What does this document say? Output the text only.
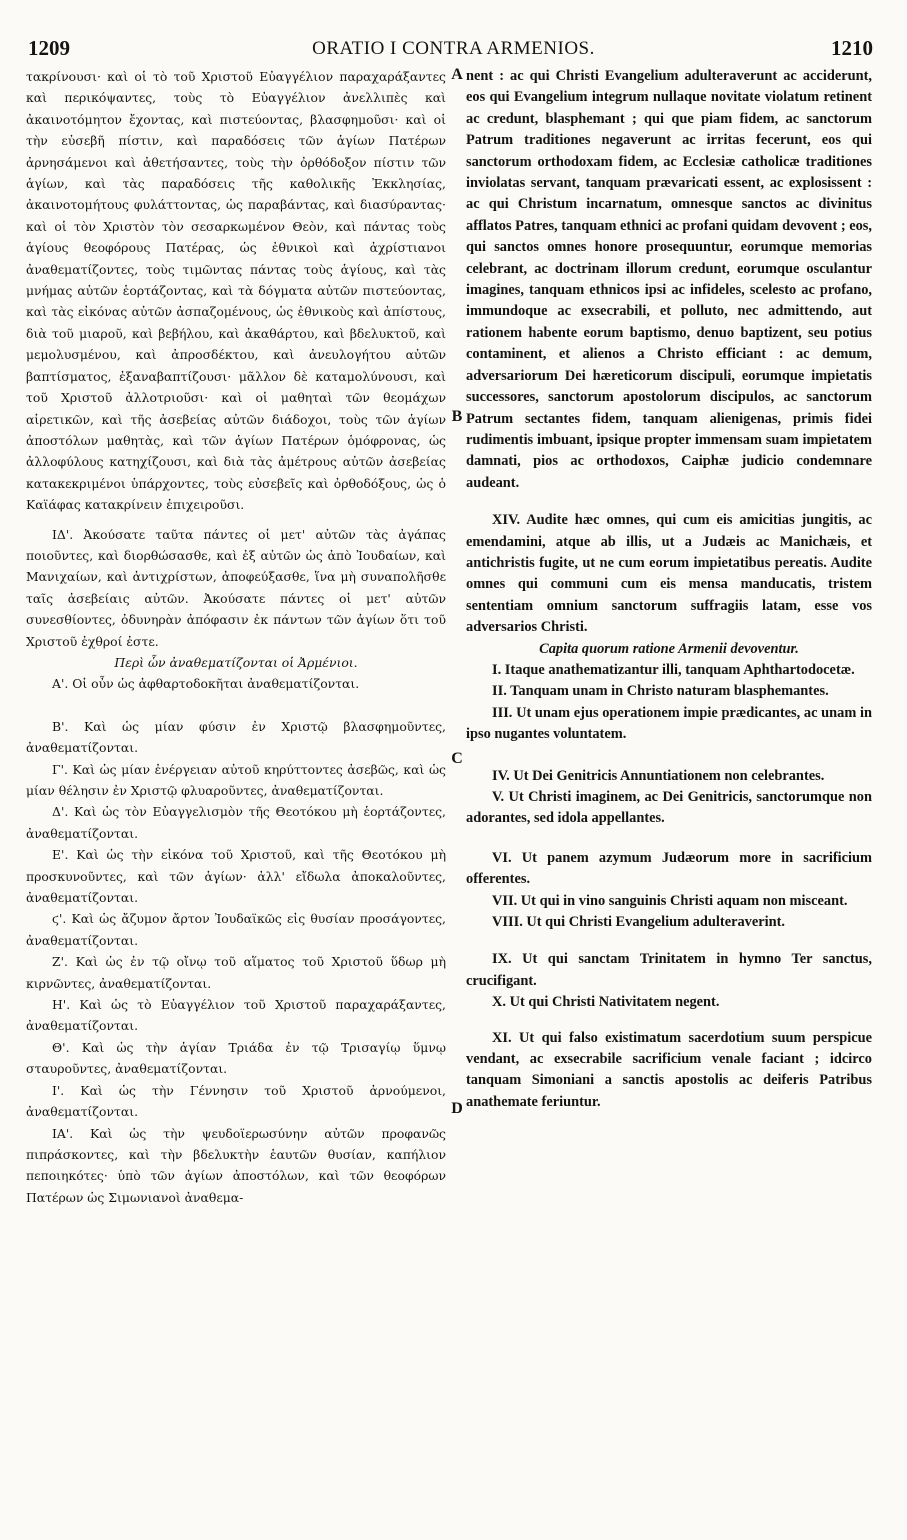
1209	ORATIO I CONTRA ARMENIOS.	1210
A
B
C
D

τακρίνουσι· καὶ οἱ τὸ τοῦ Χριστοῦ Εὐαγγέλιον παραχαράξαντες καὶ περικόψαντες, τοὺς τὸ Εὐαγγέλιον ἀνελλιπὲς καὶ ἀκαινοτόμητον ἔχοντας, καὶ πιστεύοντας, βλασφημοῦσι· καὶ οἱ τὴν εὐσεβῆ πίστιν, καὶ παραδόσεις τῶν ἁγίων Πατέρων ἀρνησάμενοι καὶ ἀθετήσαντες, τοὺς τὴν ὀρθόδοξον πίστιν τῶν ἁγίων, καὶ τὰς παραδόσεις τῆς καθολικῆς Ἐκκλησίας, ἀκαινοτομήτους φυλάττοντας, ὡς παραβάντας, καὶ διασύραντας· καὶ οἱ τὸν Χριστὸν τὸν σεσαρκωμένον Θεὸν, καὶ πάντας τοὺς ἁγίους θεοφόρους Πατέρας, ὡς ἐθνικοὶ καὶ ἀχρίστιανοι ἀναθεματίζοντες, τοὺς τιμῶντας πάντας τοὺς ἁγίους, καὶ τὰς μνήμας αὐτῶν ἑορτάζοντας, καὶ τὰ δόγματα αὐτῶν πιστεύοντας, καὶ τὰς εἰκόνας αὐτῶν ἀσπαζομένους, ὡς ἐθνικοὺς καὶ ἀπίστους, διὰ τοῦ μιαροῦ, καὶ βεβήλου, καὶ ἀκαθάρτου, καὶ βδελυκτοῦ, καὶ μεμολυσμένου, καὶ ἀπροσδέκτου, καὶ ἀνευλογήτου αὐτῶν βαπτίσματος, ἐξαναβαπτίζουσι· μᾶλλον δὲ καταμολύνουσι, καὶ τοῦ Χριστοῦ ἀλλοτριοῦσι· καὶ οἱ μαθηταὶ τῶν θεομάχων αἱρετικῶν, καὶ τῆς ἀσεβείας αὐτῶν διάδοχοι, τοὺς τῶν ἁγίων ἀποστόλων μαθητὰς, καὶ τῶν ἁγίων Πατέρων ὁμόφρονας, ὡς ἀλλοφύλους κατηχίζουσι, καὶ διὰ τὰς ἀμέτρους αὐτῶν ἀσεβείας κατακεκριμένοι ὑπάρχοντες, τοὺς εὐσεβεῖς καὶ ὀρθοδόξους, ὡς ὁ Καϊάφας κατακρίνειν ἐπιχειροῦσι.

ΙΔ'. Ἀκούσατε ταῦτα πάντες οἱ μετ' αὐτῶν τὰς ἀγάπας ποιοῦντες, καὶ διορθώσασθε, καὶ ἐξ αὐτῶν ὡς ἀπὸ Ἰουδαίων, καὶ Μανιχαίων, καὶ ἀντιχρίστων, ἀποφεύξασθε, ἵνα μὴ συναπολῆσθε ταῖς ἀσεβείαις αὐτῶν. Ἀκούσατε πάντες οἱ μετ' αὐτῶν συνεσθίοντες, ὀδυνηρὰν ἀπόφασιν ἐκ πάντων τῶν ἁγίων ὅτι τοῦ Χριστοῦ ἐχθροί ἐστε.

Περὶ ὧν ἀναθεματίζονται οἱ Ἀρμένιοι.

Α'. Οἱ οὖν ὡς ἀφθαρτοδοκῆται ἀναθεματίζονται.

Β'. Καὶ ὡς μίαν φύσιν ἐν Χριστῷ βλασφημοῦντες, ἀναθεματίζονται.

Γ'. Καὶ ὡς μίαν ἐνέργειαν αὐτοῦ κηρύττοντες ἀσεβῶς, καὶ ὡς μίαν θέλησιν ἐν Χριστῷ φλυαροῦντες, ἀναθεματίζονται.

Δ'. Καὶ ὡς τὸν Εὐαγγελισμὸν τῆς Θεοτόκου μὴ ἑορτάζοντες, ἀναθεματίζονται.

Ε'. Καὶ ὡς τὴν εἰκόνα τοῦ Χριστοῦ, καὶ τῆς Θεοτόκου μὴ προσκυνοῦντες, καὶ τῶν ἁγίων· ἀλλ' εἴδωλα ἀποκαλοῦντες, ἀναθεματίζονται.

ϛ'. Καὶ ὡς ἄζυμον ἄρτον Ἰουδαϊκῶς εἰς θυσίαν προσάγοντες, ἀναθεματίζονται.

Ζ'. Καὶ ὡς ἐν τῷ οἴνῳ τοῦ αἵματος τοῦ Χριστοῦ ὕδωρ μὴ κιρνῶντες, ἀναθεματίζονται.

Η'. Καὶ ὡς τὸ Εὐαγγέλιον τοῦ Χριστοῦ παραχαράξαντες, ἀναθεματίζονται.

Θ'. Καὶ ὡς τὴν ἁγίαν Τριάδα ἐν τῷ Τρισαγίῳ ὕμνῳ σταυροῦντες, ἀναθεματίζονται.

Ι'. Καὶ ὡς τὴν Γέννησιν τοῦ Χριστοῦ ἀρνούμενοι, ἀναθεματίζονται.

ΙΑ'. Καὶ ὡς τὴν ψευδοϊερωσύνην αὐτῶν προφανῶς πιπράσκοντες, καὶ τὴν βδελυκτὴν ἑαυτῶν θυσίαν, καπήλιον πεποιηκότες· ὑπὸ τῶν ἁγίων ἀποστόλων, καὶ τῶν θεοφόρων Πατέρων ὡς Σιμωνιανοὶ ἀναθεμα-

nent : ac qui Christi Evangelium adulteraverunt ac acciderunt, eos qui Evangelium integrum nullaque novitate violatum retinent ac credunt, blasphemant ; qui que piam fidem, ac sanctorum Patrum traditiones negaverunt ac irritas fecerunt, eos qui sanctorum orthodoxam fidem, ac Ecclesiæ catholicæ traditiones inviolatas servant, tanquam prævaricati essent, ac explosissent : ac qui Christum incarnatum, omnesque sanctos ac divinitus afflatos Patres, tanquam ethnici ac profani quidam devovent ; eos, qui sanctos omnes honore prosequuntur, eorumque memorias celebrant, ac doctrinam illorum credunt, eorumque osculantur imagines, tanquam ethnicos ipsi ac infideles, scelesto ac profano, immundoque ac exsecrabili, et polluto, nec admittendo, aut rationem habente eorum baptismo, denuo baptizent, seu potius contaminent, et alienos a Christo efficiant : ac demum, adversariorum Dei hæreticorum discipuli, eorumque impietatis successores, sanctorum apostolorum discipulos, ac sanctorum Patrum sectantes fidem, tanquam alienigenas, primis fidei rudimentis imbuant, ipsique propter immensam suam impietatem damnati, pios ac orthodoxos, Caiphæ judicio condemnare audeant.

XIV. Audite hæc omnes, qui cum eis amicitias jungitis, ac emendamini, atque ab illis, ut a Judæis ac Manichæis, et antichristis fugite, ut ne cum eorum impietatibus pereatis. Audite omnes qui communi cum eis mensa manducatis, tristem sententiam omnium sanctorum suffragiis latam, esse vos adversarios Christi.

Capita quorum ratione Armenii devoventur.

I. Itaque anathematizantur illi, tanquam Aphthartodocetæ.

II. Tanquam unam in Christo naturam blasphemantes.

III. Ut unam ejus operationem impie prædicantes, ac unam in ipso nugantes voluntatem.

IV. Ut Dei Genitricis Annuntiationem non celebrantes.

V. Ut Christi imaginem, ac Dei Genitricis, sanctorumque non adorantes, sed idola appellantes.

VI. Ut panem azymum Judæorum more in sacrificium offerentes.

VII. Ut qui in vino sanguinis Christi aquam non misceant.

VIII. Ut qui Christi Evangelium adulteraverint.

IX. Ut qui sanctam Trinitatem in hymno Ter sanctus, crucifigant.

X. Ut qui Christi Nativitatem negent.

XI. Ut qui falso existimatum sacerdotium suum perspicue vendant, ac exsecrabile sacrificium venale faciant ; idcirco tanquam Simoniani a sanctis apostolis ac deiferis Patribus anathemate feriuntur.
